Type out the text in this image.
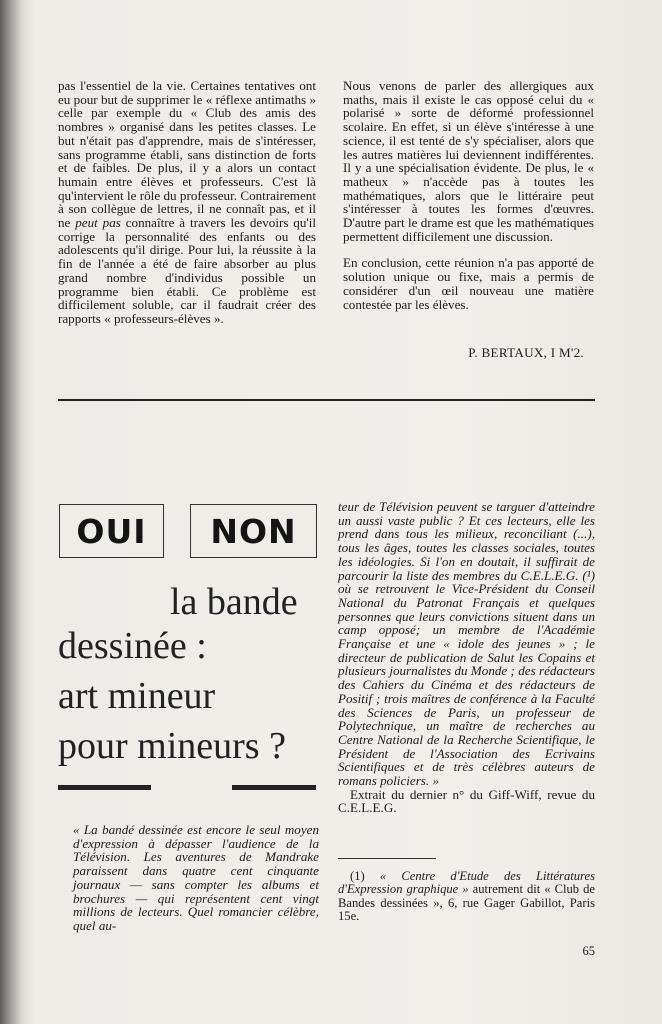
pas l'essentiel de la vie. Certaines tentatives ont eu pour but de supprimer le « réflexe antimaths » celle par exemple du « Club des amis des nombres » organisé dans les petites classes. Le but n'était pas d'apprendre, mais de s'intéresser, sans programme établi, sans distinction de forts et de faibles. De plus, il y a alors un contact humain entre élèves et professeurs. C'est là qu'intervient le rôle du professeur. Contrairement à son collègue de lettres, il ne connaît pas, et il ne peut pas connaître à travers les devoirs qu'il corrige la personnalité des enfants ou des adolescents qu'il dirige. Pour lui, la réussite à la fin de l'année a été de faire absorber au plus grand nombre d'individus possible un programme bien établi. Ce problème est difficilement soluble, car il faudrait créer des rapports « professeurs-élèves ».

Nous venons de parler des allergiques aux maths, mais il existe le cas opposé celui du « polarisé » sorte de déformé professionnel scolaire. En effet, si un élève s'intéresse à une science, il est tenté de s'y spécialiser, alors que les autres matières lui deviennent indifférentes. Il y a une spécialisation évidente. De plus, le « matheux » n'accède pas à toutes les mathématiques, alors que le littéraire peut s'intéresser à toutes les formes d'œuvres. D'autre part le drame est que les mathématiques permettent difficilement une discussion.

En conclusion, cette réunion n'a pas apporté de solution unique ou fixe, mais a permis de considérer d'un œil nouveau une matière contestée par les élèves.

P. BERTAUX, I M'2.
OUI	NON
la bande
dessinée :
art mineur
pour mineurs ?

« La bandé dessinée est encore le seul moyen d'expression à dépasser l'audience de la Télévision. Les aventures de Mandrake paraissent dans quatre cent cinquante journaux — sans compter les albums et brochures — qui représentent cent vingt millions de lecteurs. Quel romancier célèbre, quel au-

teur de Télévision peuvent se targuer d'atteindre un aussi vaste public ? Et ces lecteurs, elle les prend dans tous les milieux, reconciliant (...), tous les âges, toutes les classes sociales, toutes les idéologies. Si l'on en doutait, il suffirait de parcourir la liste des membres du C.E.L.E.G. (¹) où se retrouvent le Vice-Président du Conseil National du Patronat Français et quelques personnes que leurs convictions situent dans un camp opposé; un membre de l'Académie Française et une « idole des jeunes » ; le directeur de publication de Salut les Copains et plusieurs journalistes du Monde ; des rédacteurs des Cahiers du Cinéma et des rédacteurs de Positif ; trois maîtres de conférence à la Faculté des Sciences de Paris, un professeur de Polytechnique, un maître de recherches au Centre National de la Recherche Scientifique, le Président de l'Association des Ecrivains Scientifiques et de très célèbres auteurs de romans policiers. »

Extrait du dernier n° du Giff-Wiff, revue du C.E.L.E.G.

(1) « Centre d'Etude des Littératures d'Expression graphique » autrement dit « Club de Bandes dessinées », 6, rue Gager Gabillot, Paris 15e.

65
